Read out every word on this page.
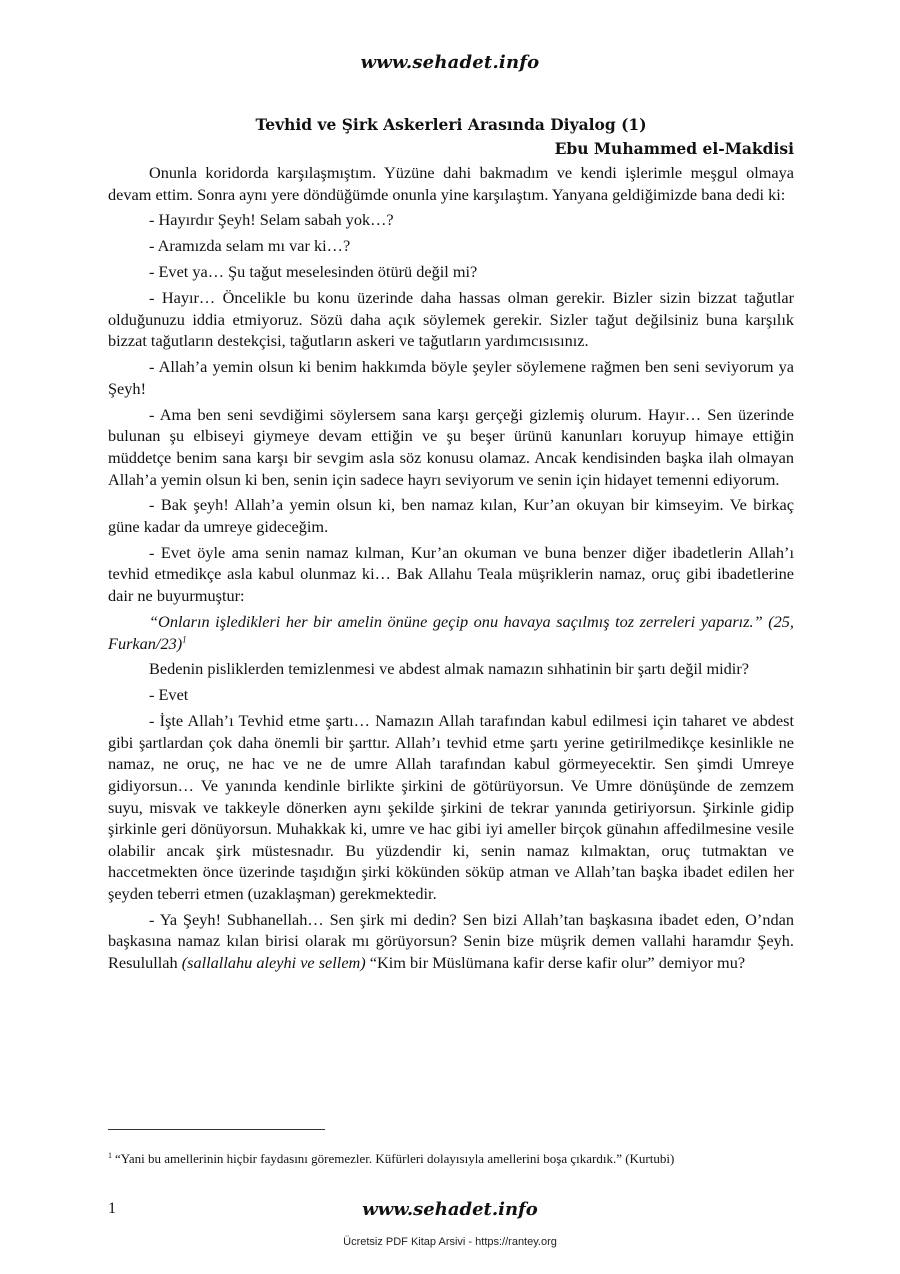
www.sehadet.info
Tevhid ve Şirk Askerleri Arasında Diyalog (1)
Ebu Muhammed el-Makdisi

Onunla koridorda karşılaşmıştım. Yüzüne dahi bakmadım ve kendi işlerimle meşgul olmaya devam ettim. Sonra aynı yere döndüğümde onunla yine karşılaştım. Yanyana geldiğimizde bana dedi ki:

- Hayırdır Şeyh! Selam sabah yok…?

- Aramızda selam mı var ki…?

- Evet ya… Şu tağut meselesinden ötürü değil mi?

- Hayır… Öncelikle bu konu üzerinde daha hassas olman gerekir. Bizler sizin bizzat tağutlar olduğunuzu iddia etmiyoruz. Sözü daha açık söylemek gerekir. Sizler tağut değilsiniz buna karşılık bizzat tağutların destekçisi, tağutların askeri ve tağutların yardımcısısınız.

- Allah’a yemin olsun ki benim hakkımda böyle şeyler söylemene rağmen ben seni seviyorum ya Şeyh!

- Ama ben seni sevdiğimi söylersem sana karşı gerçeği gizlemiş olurum. Hayır… Sen üzerinde bulunan şu elbiseyi giymeye devam ettiğin ve şu beşer ürünü kanunları koruyup himaye ettiğin müddetçe benim sana karşı bir sevgim asla söz konusu olamaz. Ancak kendisinden başka ilah olmayan Allah’a yemin olsun ki ben, senin için sadece hayrı seviyorum ve senin için hidayet temenni ediyorum.

- Bak şeyh! Allah’a yemin olsun ki, ben namaz kılan, Kur’an okuyan bir kimseyim. Ve birkaç güne kadar da umreye gideceğim.

- Evet öyle ama senin namaz kılman, Kur’an okuman ve buna benzer diğer ibadetlerin Allah’ı tevhid etmedikçe asla kabul olunmaz ki… Bak Allahu Teala müşriklerin namaz, oruç gibi ibadetlerine dair ne buyurmuştur:

“Onların işledikleri her bir amelin önüne geçip onu havaya saçılmış toz zerreleri yaparız.” (25, Furkan/23)$^1$

Bedenin pisliklerden temizlenmesi ve abdest almak namazın sıhhatinin bir şartı değil midir?

- Evet

- İşte Allah’ı Tevhid etme şartı… Namazın Allah tarafından kabul edilmesi için taharet ve abdest gibi şartlardan çok daha önemli bir şarttır. Allah’ı tevhid etme şartı yerine getirilmedikçe kesinlikle ne namaz, ne oruç, ne hac ve ne de umre Allah tarafından kabul görmeyecektir. Sen şimdi Umreye gidiyorsun… Ve yanında kendinle birlikte şirkini de götürüyorsun. Ve Umre dönüşünde de zemzem suyu, misvak ve takkeyle dönerken aynı şekilde şirkini de tekrar yanında getiriyorsun. Şirkinle gidip şirkinle geri dönüyorsun. Muhakkak ki, umre ve hac gibi iyi ameller birçok günahın affedilmesine vesile olabilir ancak şirk müstesnadır. Bu yüzdendir ki, senin namaz kılmaktan, oruç tutmaktan ve haccetmekten önce üzerinde taşıdığın şirki kökünden söküp atman ve Allah’tan başka ibadet edilen her şeyden teberri etmen (uzaklaşman) gerekmektedir.

- Ya Şeyh! Subhanellah… Sen şirk mi dedin? Sen bizi Allah’tan başkasına ibadet eden, O’ndan başkasına namaz kılan birisi olarak mı görüyorsun? Senin bize müşrik demen vallahi haramdır Şeyh. Resulullah (sallallahu aleyhi ve sellem) “Kim bir Müslümana kafir derse kafir olur” demiyor mu?

$^1$ “Yani bu amellerinin hiçbir faydasını göremezler. Küfürleri dolayısıyla amellerini boşa çıkardık.” (Kurtubi)
1	www.sehadet.info
Ücretsiz PDF Kitap Arsivi - https://rantey.org
